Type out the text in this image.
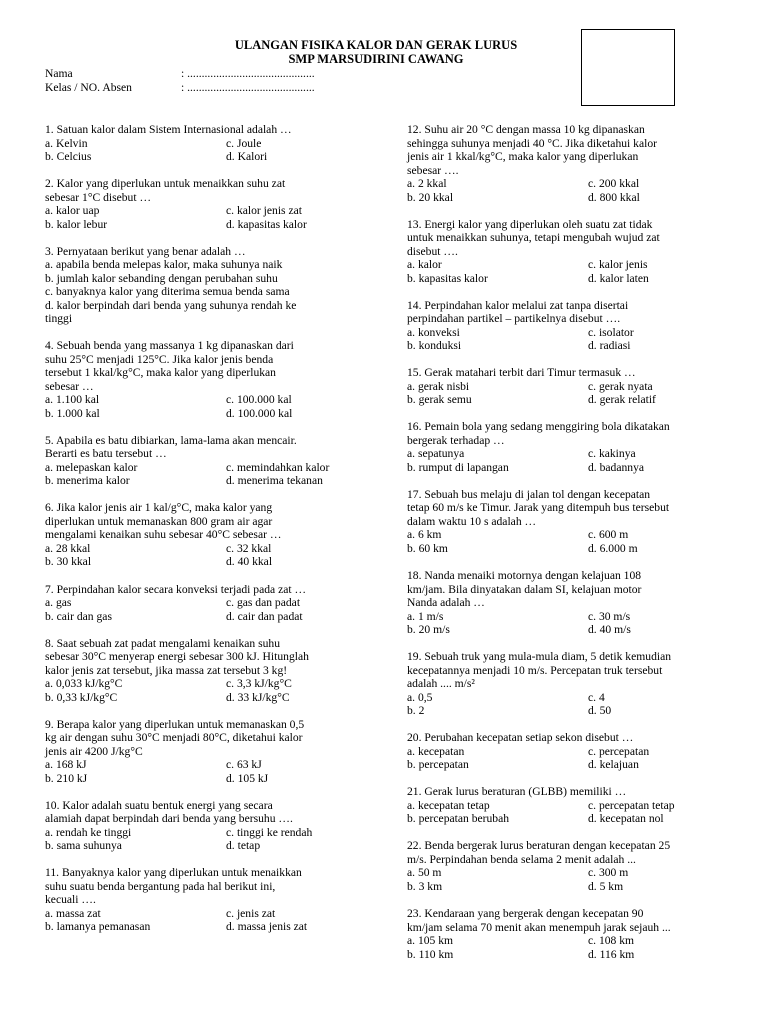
ULANGAN FISIKA KALOR DAN GERAK LURUS
SMP MARSUDIRINI CAWANG
Nama	: ............................................
Kelas / NO. Absen	: ............................................
1. Satuan kalor dalam Sistem Internasional adalah …
a. Kelvin	c. Joule
b. Celcius	d. Kalori
2. Kalor yang diperlukan untuk menaikkan suhu zat
sebesar 1°C disebut …
a. kalor uap	c. kalor jenis zat
b. kalor lebur	d. kapasitas kalor
3. Pernyataan berikut yang benar adalah …
a. apabila benda melepas kalor, maka suhunya naik
b. jumlah kalor sebanding dengan perubahan suhu
c. banyaknya kalor yang diterima semua benda sama
d. kalor berpindah dari benda yang suhunya rendah ke
tinggi
4. Sebuah benda yang massanya 1 kg dipanaskan dari
suhu 25°C menjadi 125°C. Jika kalor jenis benda
tersebut 1 kkal/kg°C, maka kalor yang diperlukan
sebesar …
a. 1.100 kal	c. 100.000 kal
b. 1.000 kal	d. 100.000 kal
5. Apabila es batu dibiarkan, lama-lama akan mencair.
Berarti es batu tersebut …
a. melepaskan kalor	c. memindahkan kalor
b. menerima kalor	d. menerima tekanan
6. Jika kalor jenis air 1 kal/g°C, maka kalor yang
diperlukan untuk memanaskan 800 gram air agar
mengalami kenaikan suhu sebesar 40°C sebesar …
a. 28 kkal	c. 32 kkal
b. 30 kkal	d. 40 kkal
7. Perpindahan kalor secara konveksi terjadi pada zat …
a. gas	c. gas dan padat
b. cair dan gas	d. cair dan padat
8. Saat sebuah zat padat mengalami kenaikan suhu
sebesar 30°C menyerap energi sebesar 300 kJ. Hitunglah
kalor jenis zat tersebut, jika massa zat tersebut 3 kg!
a. 0,033 kJ/kg°C	c. 3,3 kJ/kg°C
b. 0,33 kJ/kg°C	d. 33 kJ/kg°C
9. Berapa kalor yang diperlukan untuk memanaskan 0,5
kg air dengan suhu 30°C menjadi 80°C, diketahui kalor
jenis air 4200 J/kg°C
a. 168 kJ	c. 63 kJ
b. 210 kJ	d. 105 kJ
10. Kalor adalah suatu bentuk energi yang secara
alamiah dapat berpindah dari benda yang bersuhu ….
a. rendah ke tinggi	c. tinggi ke rendah
b. sama suhunya	d. tetap
11. Banyaknya kalor yang diperlukan untuk menaikkan
suhu suatu benda bergantung pada hal berikut ini,
kecuali ….
a. massa zat	c. jenis zat
b. lamanya pemanasan	d. massa jenis zat
12. Suhu air 20 °C dengan massa 10 kg dipanaskan
sehingga suhunya menjadi 40 °C. Jika diketahui kalor
jenis air 1 kkal/kg°C, maka kalor yang diperlukan
sebesar ….
a. 2 kkal	c. 200 kkal
b. 20 kkal	d. 800 kkal
13. Energi kalor yang diperlukan oleh suatu zat tidak
untuk menaikkan suhunya, tetapi mengubah wujud zat
disebut ….
a. kalor	c. kalor jenis
b. kapasitas kalor	d. kalor laten
14. Perpindahan kalor melalui zat tanpa disertai
perpindahan partikel – partikelnya disebut ….
a. konveksi	c. isolator
b. konduksi	d. radiasi
15. Gerak matahari terbit dari Timur termasuk …
a. gerak nisbi	c. gerak nyata
b. gerak semu	d. gerak relatif
16. Pemain bola yang sedang menggiring bola dikatakan
bergerak terhadap …
a. sepatunya	c. kakinya
b. rumput di lapangan	d. badannya
17. Sebuah bus melaju di jalan tol dengan kecepatan
tetap 60 m/s ke Timur. Jarak yang ditempuh bus tersebut
dalam waktu 10 s adalah …
a. 6 km	c. 600 m
b. 60 km	d. 6.000 m
18. Nanda menaiki motornya dengan kelajuan 108
km/jam. Bila dinyatakan dalam SI, kelajuan motor
Nanda adalah …
a. 1 m/s	c. 30 m/s
b. 20 m/s	d. 40 m/s
19. Sebuah truk yang mula-mula diam, 5 detik kemudian
kecepatannya menjadi 10 m/s. Percepatan truk tersebut
adalah .... m/s²
a. 0,5	c. 4
b. 2	d. 50
20. Perubahan kecepatan setiap sekon disebut …
a. kecepatan	c. percepatan
b. percepatan	d. kelajuan
21. Gerak lurus beraturan (GLBB) memiliki …
a. kecepatan tetap	c. percepatan tetap
b. percepatan berubah	d. kecepatan nol
22. Benda bergerak lurus beraturan dengan kecepatan 25
m/s. Perpindahan benda selama 2 menit adalah ...
a. 50 m	c. 300 m
b. 3 km	d. 5 km
23. Kendaraan yang bergerak dengan kecepatan 90
km/jam selama 70 menit akan menempuh jarak sejauh ...
a. 105 km	c. 108 km
b. 110 km	d. 116 km
